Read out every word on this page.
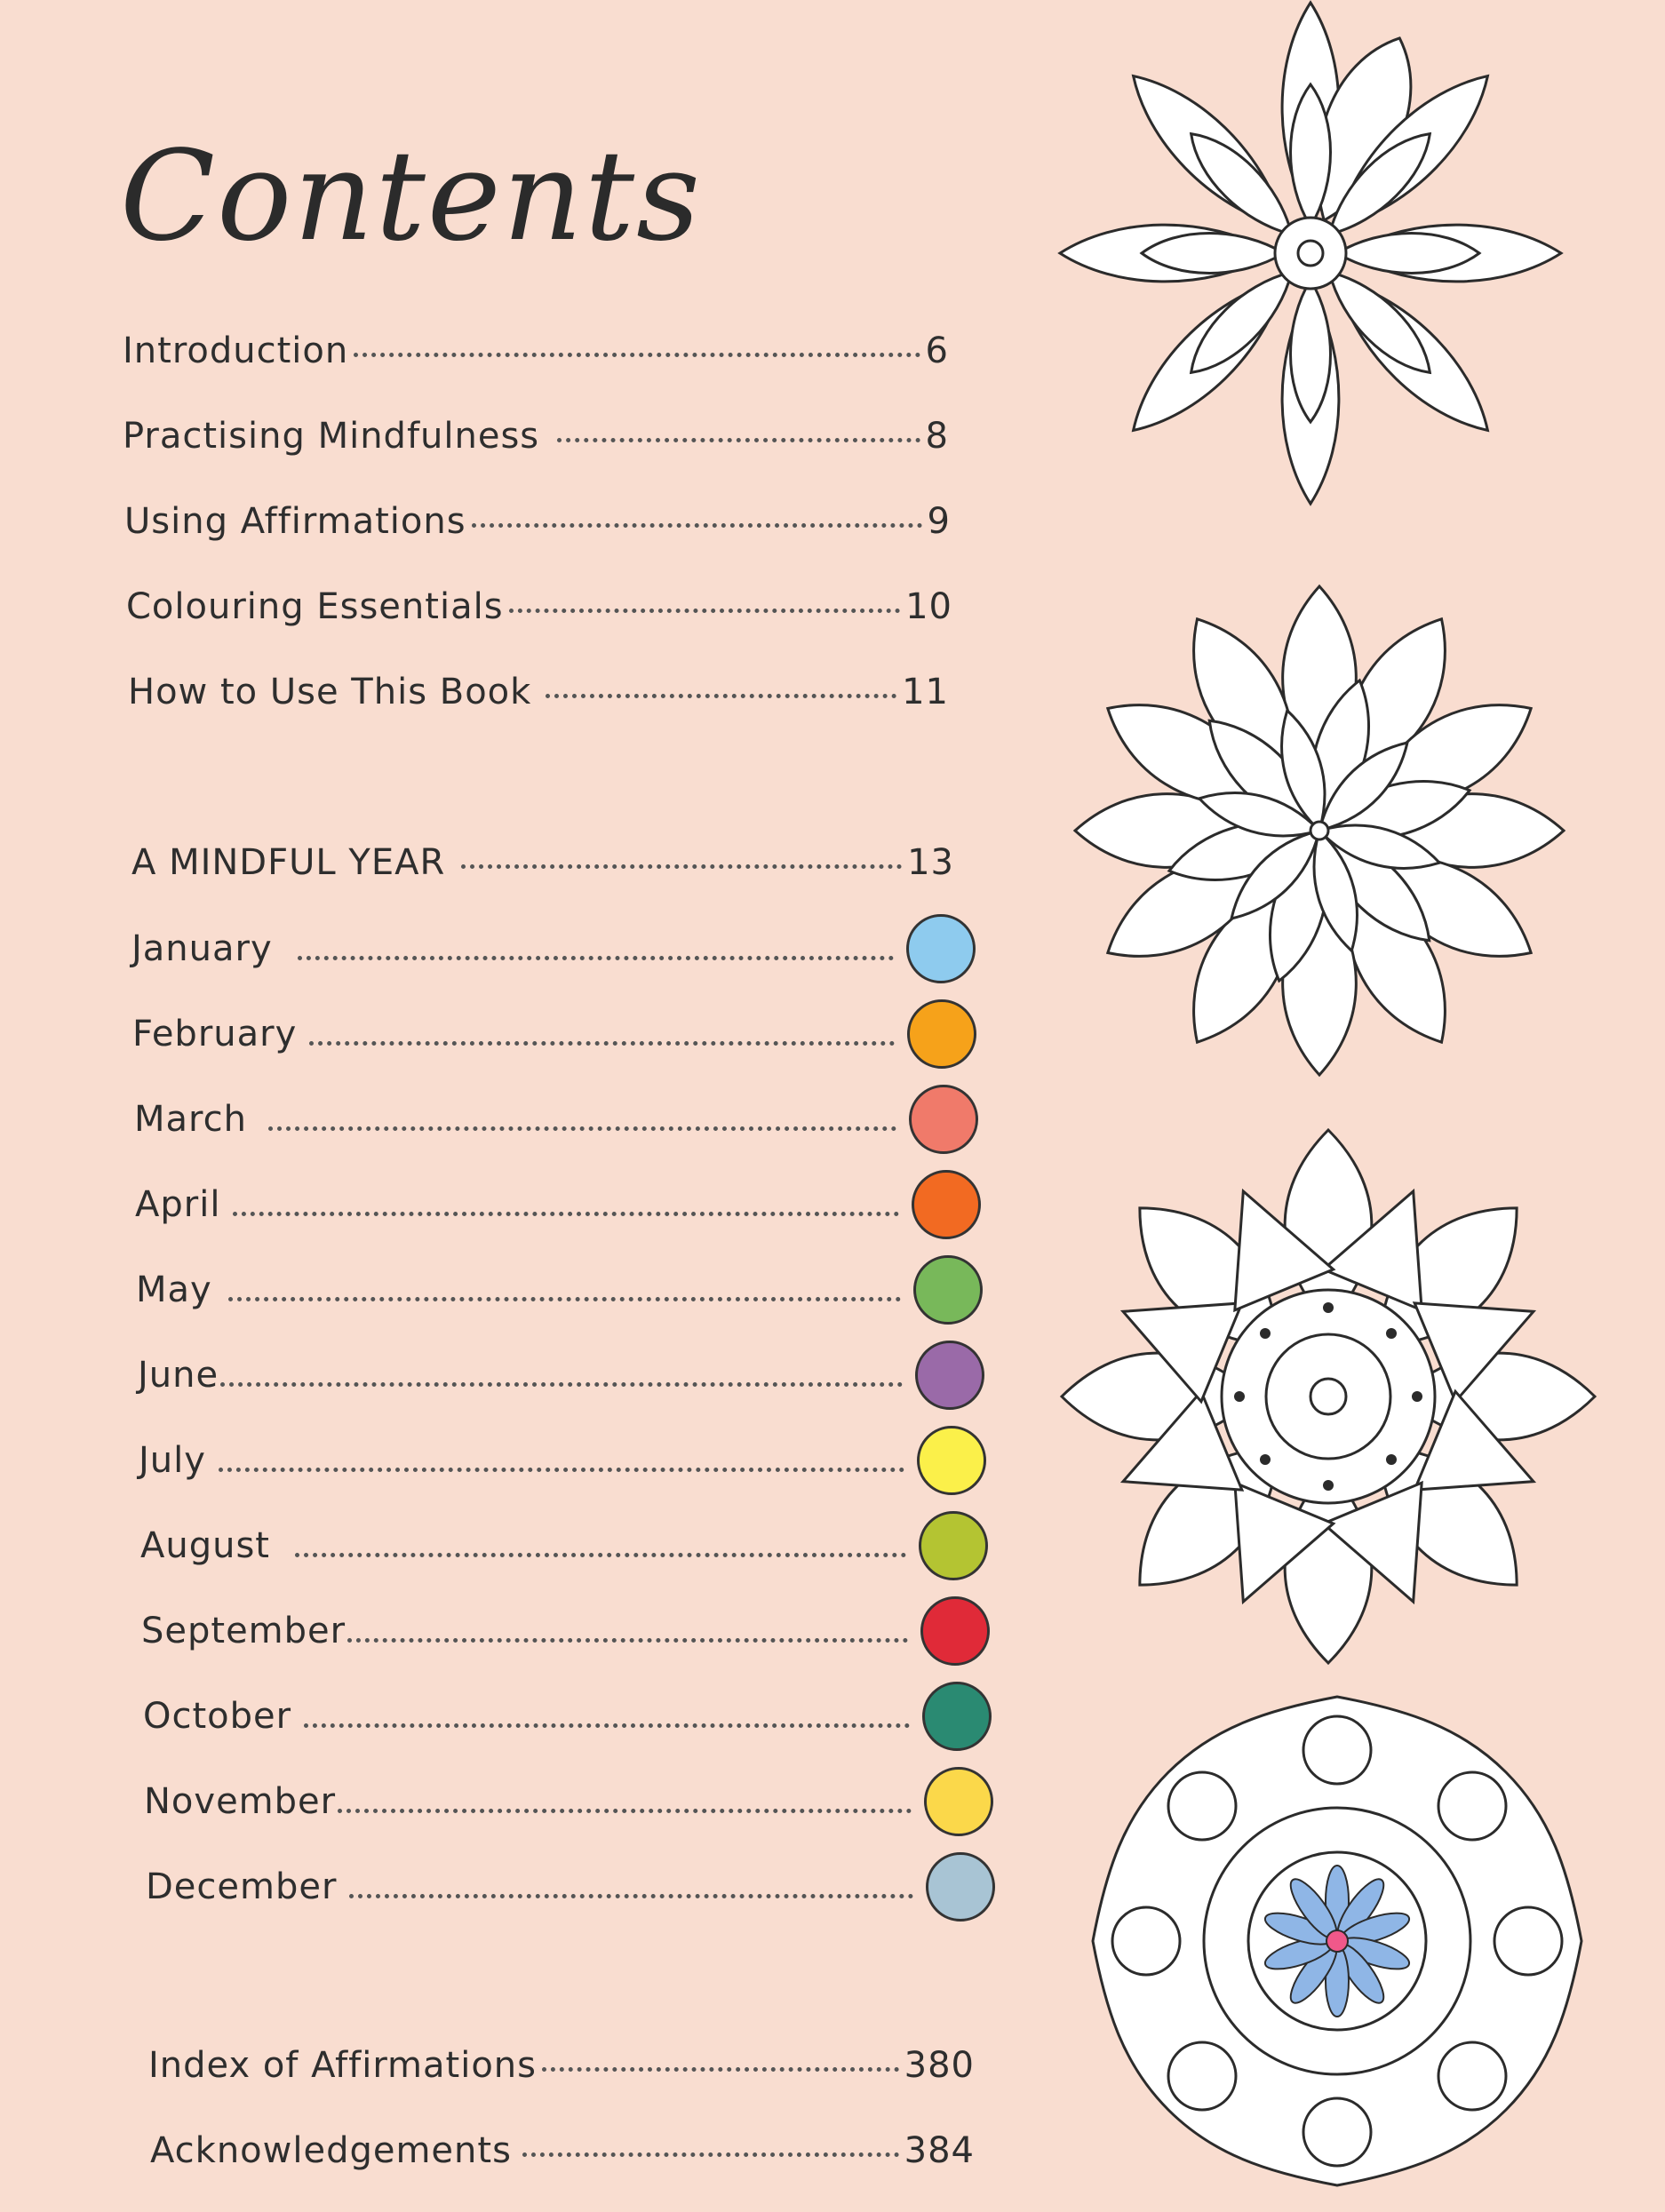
Contents
Introduction	6
Practising Mindfulness	8
Using Affirmations	9
Colouring Essentials	10
How to Use This Book	11
A MINDFUL YEAR	13
January
February
March
April
May
June
July
August
September
October
November
December
Index of Affirmations	380
Acknowledgements	384
